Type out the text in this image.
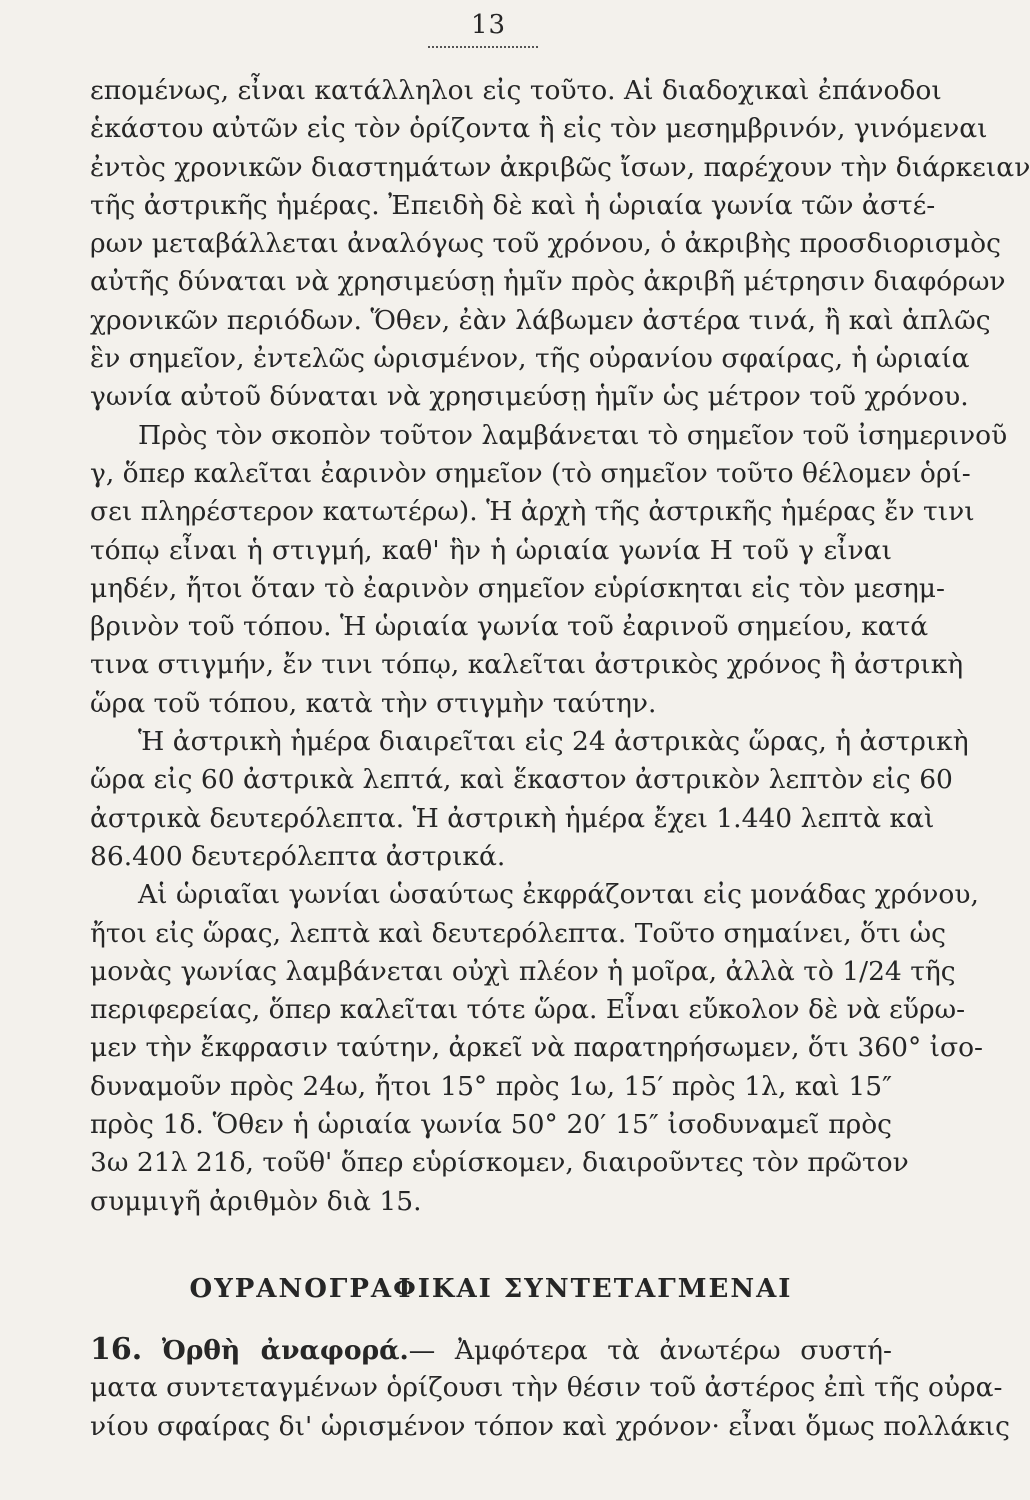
13
επομένως, εἶναι κατάλληλοι εἰς τοῦτο. Αἱ διαδοχικαὶ ἐπάνοδοι
ἑκάστου αὐτῶν εἰς τὸν ὁρίζοντα ἢ εἰς τὸν μεσημβρινόν, γινόμεναι
ἐντὸς χρονικῶν διαστημάτων ἀκριβῶς ἴσων, παρέχουν τὴν διάρκειαν
τῆς ἀστρικῆς ἡμέρας. Ἐπειδὴ δὲ καὶ ἡ ὡριαία γωνία τῶν ἀστέ-
ρων μεταβάλλεται ἀναλόγως τοῦ χρόνου, ὁ ἀκριβὴς προσδιορισμὸς
αὐτῆς δύναται νὰ χρησιμεύσῃ ἡμῖν πρὸς ἀκριβῆ μέτρησιν διαφόρων
χρονικῶν περιόδων. Ὅθεν, ἐὰν λάβωμεν ἀστέρα τινά, ἢ καὶ ἁπλῶς
ἓν σημεῖον, ἐντελῶς ὡρισμένον, τῆς οὐρανίου σφαίρας, ἡ ὡριαία
γωνία αὐτοῦ δύναται νὰ χρησιμεύσῃ ἡμῖν ὡς μέτρον τοῦ χρόνου.
Πρὸς τὸν σκοπὸν τοῦτον λαμβάνεται τὸ σημεῖον τοῦ ἰσημερινοῦ
γ, ὅπερ καλεῖται ἐαρινὸν σημεῖον (τὸ σημεῖον τοῦτο θέλομεν ὁρί-
σει πληρέστερον κατωτέρω). Ἡ ἀρχὴ τῆς ἀστρικῆς ἡμέρας ἔν τινι
τόπῳ εἶναι ἡ στιγμή, καθ' ἣν ἡ ὡριαία γωνία Η τοῦ γ εἶναι
μηδέν, ἤτοι ὅταν τὸ ἐαρινὸν σημεῖον εὑρίσκηται εἰς τὸν μεσημ-
βρινὸν τοῦ τόπου. Ἡ ὡριαία γωνία τοῦ ἐαρινοῦ σημείου, κατά
τινα στιγμήν, ἔν τινι τόπῳ, καλεῖται ἀστρικὸς χρόνος ἢ ἀστρικὴ
ὥρα τοῦ τόπου, κατὰ τὴν στιγμὴν ταύτην.
Ἡ ἀστρικὴ ἡμέρα διαιρεῖται εἰς 24 ἀστρικὰς ὥρας, ἡ ἀστρικὴ
ὥρα εἰς 60 ἀστρικὰ λεπτά, καὶ ἕκαστον ἀστρικὸν λεπτὸν εἰς 60
ἀστρικὰ δευτερόλεπτα. Ἡ ἀστρικὴ ἡμέρα ἔχει 1.440 λεπτὰ καὶ
86.400 δευτερόλεπτα ἀστρικά.
Αἱ ὡριαῖαι γωνίαι ὡσαύτως ἐκφράζονται εἰς μονάδας χρόνου,
ἤτοι εἰς ὥρας, λεπτὰ καὶ δευτερόλεπτα. Τοῦτο σημαίνει, ὅτι ὡς
μονὰς γωνίας λαμβάνεται οὐχὶ πλέον ἡ μοῖρα, ἀλλὰ τὸ 1/24 τῆς
περιφερείας, ὅπερ καλεῖται τότε ὥρα. Εἶναι εὔκολον δὲ νὰ εὕρω-
μεν τὴν ἔκφρασιν ταύτην, ἀρκεῖ νὰ παρατηρήσωμεν, ὅτι 360° ἰσο-
δυναμοῦν πρὸς 24ω, ἤτοι 15° πρὸς 1ω, 15′ πρὸς 1λ, καὶ 15″
πρὸς 1δ. Ὅθεν ἡ ὡριαία γωνία 50° 20′ 15″ ἰσοδυναμεῖ πρὸς
3ω 21λ 21δ, τοῦθ' ὅπερ εὑρίσκομεν, διαιροῦντες τὸν πρῶτον
συμμιγῆ ἀριθμὸν διὰ 15.
ΟΥΡΑΝΟΓΡΑΦΙΚΑΙ ΣΥΝΤΕΤΑΓΜΕΝΑΙ
16. Ὀρθὴ ἀναφορά.— Ἀμφότερα τὰ ἀνωτέρω συστή-
ματα συντεταγμένων ὁρίζουσι τὴν θέσιν τοῦ ἀστέρος ἐπὶ τῆς οὐρα-
νίου σφαίρας δι' ὡρισμένον τόπον καὶ χρόνον· εἶναι ὅμως πολλάκις
